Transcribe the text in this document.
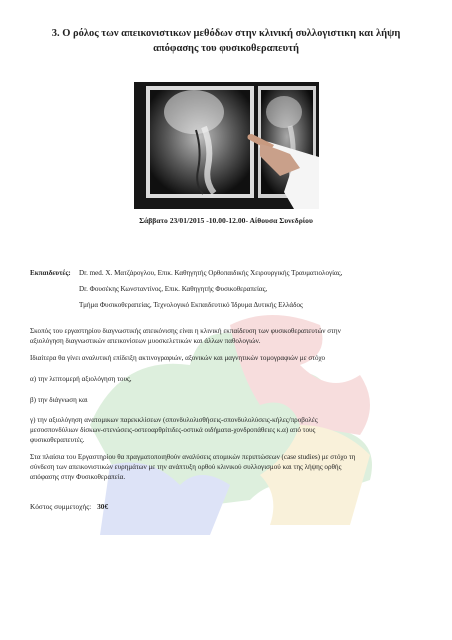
3. Ο ρόλος των απεικονιστικων μεθόδων στην κλινική συλλογιστικη και λήψη
απόφασης του φυσικοθεραπευτή
Σάββατο 23/01/2015 -10.00-12.00- Αίθουσα Συνεδρίου
Εκπαιδευτές: Dr. med. Χ. Ματζάρογλου, Επικ. Καθηγητής Ορθοπαιδικής Χειρουργικής Τραυματιολογίας,
Dr. Φουσέκης Κωνσταντίνος, Επικ. Καθηγητής Φυσικοθεραπείας,
Τμήμα Φυσικοθεραπείας, Τεχνολογικό Εκπαιδευτικό Ίδρυμα Δυτικής Ελλάδος
Σκοπός του εργαστηρίου διαγνωστικής απεικόνισης είναι η κλινική εκπαίδευση των φυσικοθεραπευτών στην
αξιολόγηση διαγνωστικών απεικονίσεων μυοσκελετικών και άλλων παθολογιών.
Ιδιαίτερα θα γίνει αναλυτική επίδειξη ακτινογραφιών, αξονικών και μαγνητικών τομογραφιών με στόχο
α) την λεπτομερή αξιολόγηση τους,
β) την διάγνωση και
γ) την αξιολόγηση ανατομικων παρεκκλίσεων (σπονδυλολισθήσεις-σπονδυλολύσεις-κήλες/προβολές
μεσοσπονδύλιων δίσκων-στενώσεις-οστεοαρθρίτιδες-οστικά οιδήματα-χονδροπάθειες κ.α) από τους
φυσικοθεραπευτές.
Στα πλαίσια του Εργαστηρίου θα πραγματοποιηθούν αναλύσεις ατομικών περιπτώσεων (case studies) με στόχο τη
σύνδεση των απεικονιστικών ευρημάτων με την ανάπτυξη ορθού κλινικού συλλογισμού και της λήψης ορθής
απόφασης στην Φυσικοθεραπεία.
Κόστος συμμετοχής: 30€
